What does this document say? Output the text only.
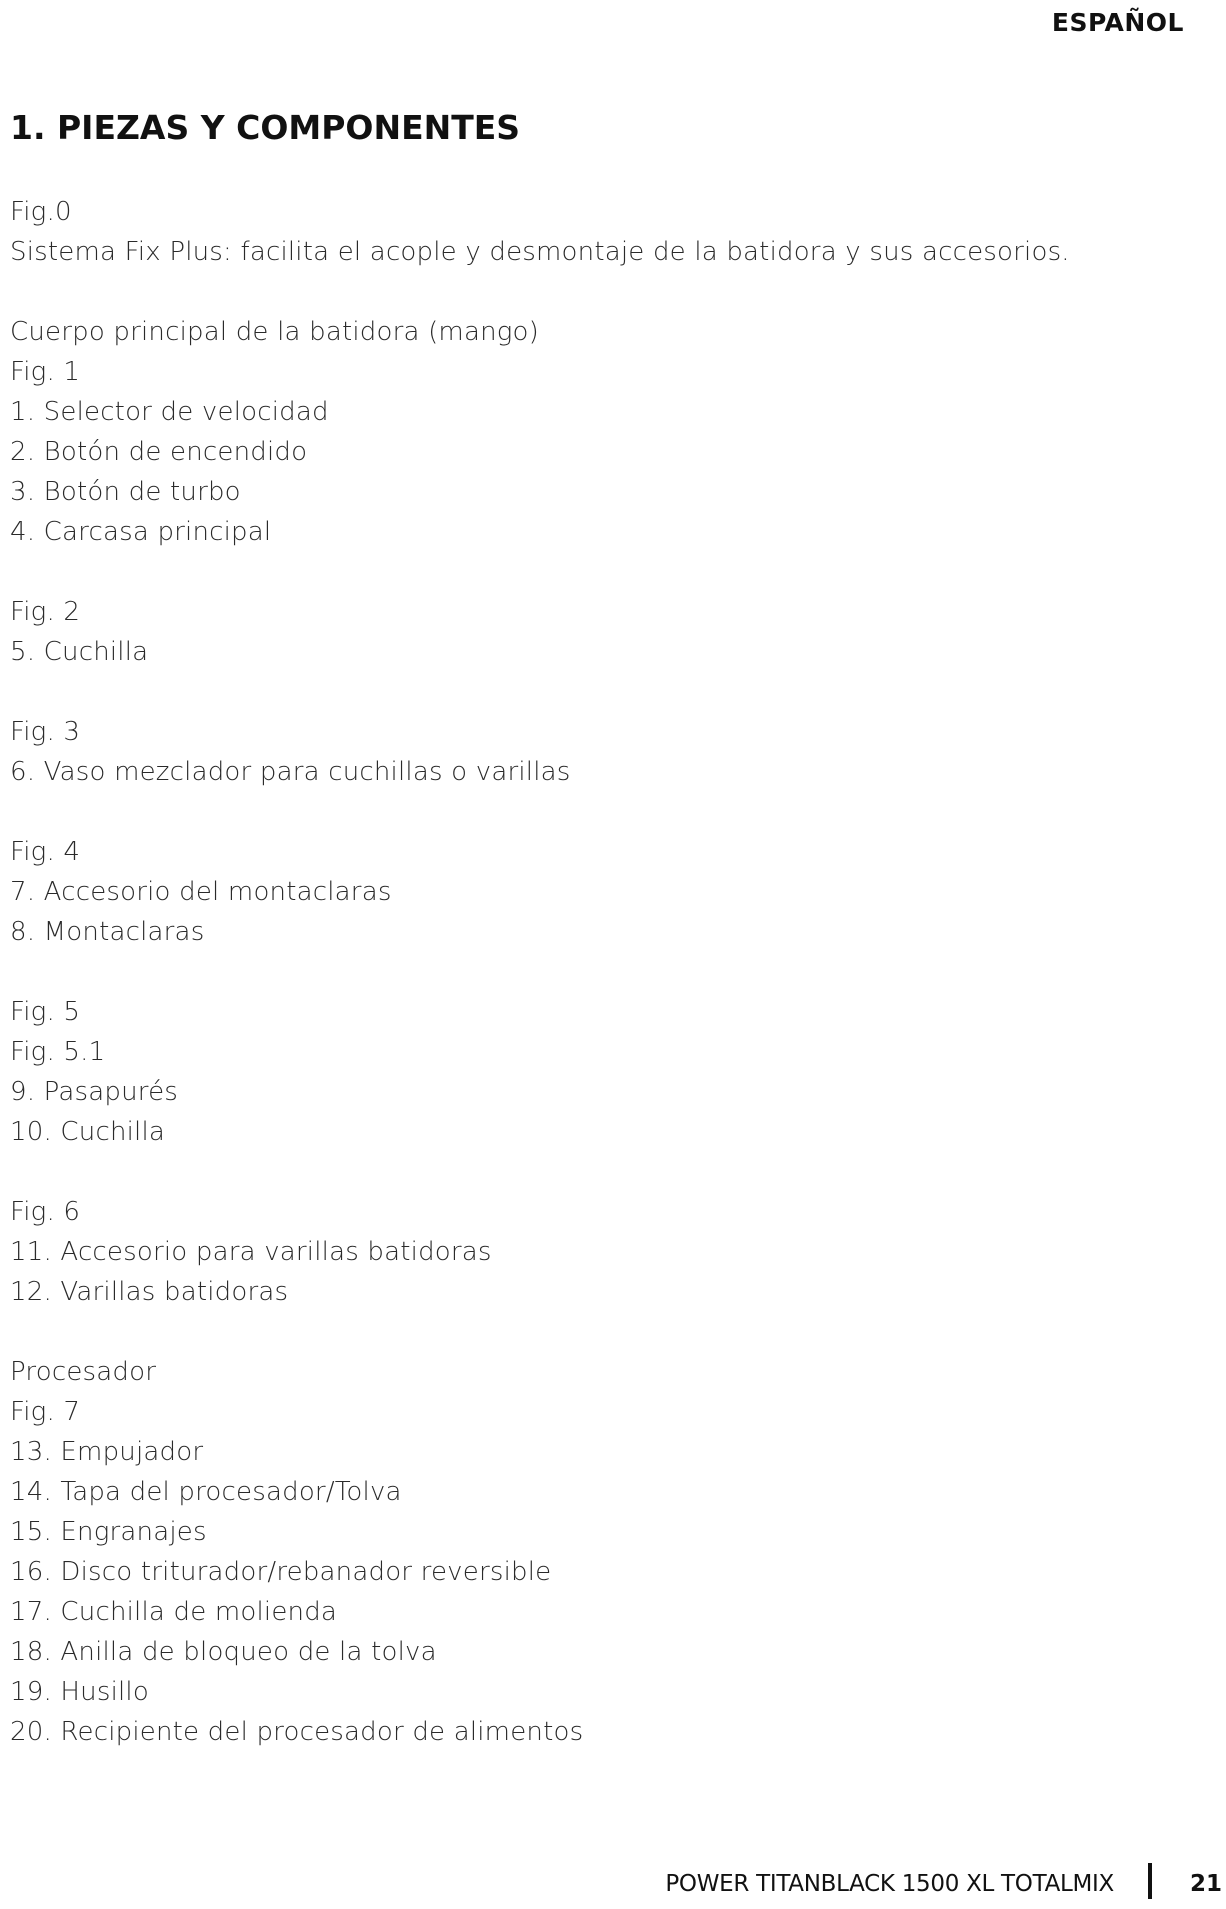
ESPAÑOL
1. PIEZAS Y COMPONENTES
Fig.0
Sistema Fix Plus: facilita el acople y desmontaje de la batidora y sus accesorios.
Cuerpo principal de la batidora (mango)
Fig. 1
1. Selector de velocidad
2. Botón de encendido
3. Botón de turbo
4. Carcasa principal
Fig. 2
5. Cuchilla
Fig. 3
6. Vaso mezclador para cuchillas o varillas
Fig. 4
7. Accesorio del montaclaras
8. Montaclaras
Fig. 5
Fig. 5.1
9. Pasapurés
10. Cuchilla
Fig. 6
11. Accesorio para varillas batidoras
12. Varillas batidoras
Procesador
Fig. 7
13. Empujador
14. Tapa del procesador/Tolva
15. Engranajes
16. Disco triturador/rebanador reversible
17. Cuchilla de molienda
18. Anilla de bloqueo de la tolva
19. Husillo
20. Recipiente del procesador de alimentos
POWER TITANBLACK 1500 XL TOTALMIX	21
